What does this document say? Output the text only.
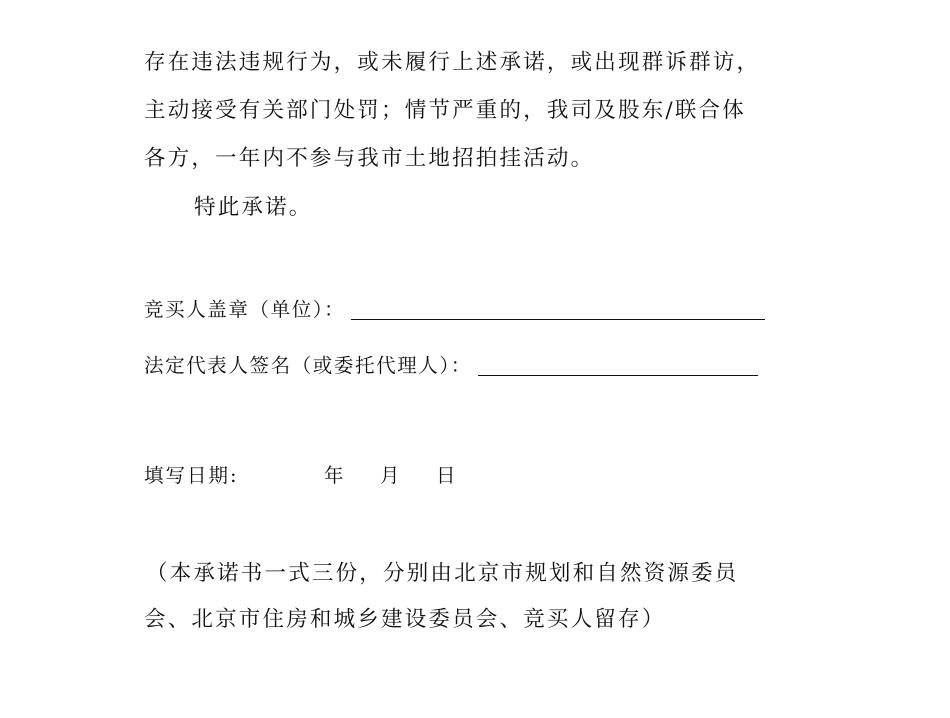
存在违法违规行为，或未履行上述承诺，或出现群诉群访，
主动接受有关部门处罚；情节严重的，我司及股东/联合体
各方，一年内不参与我市土地招拍挂活动。
特此承诺。
竞买人盖章（单位）：
法定代表人签名（或委托代理人）：
填写日期:	年 月 日
（本承诺书一式三份，分别由北京市规划和自然资源委员
会、北京市住房和城乡建设委员会、竞买人留存）
